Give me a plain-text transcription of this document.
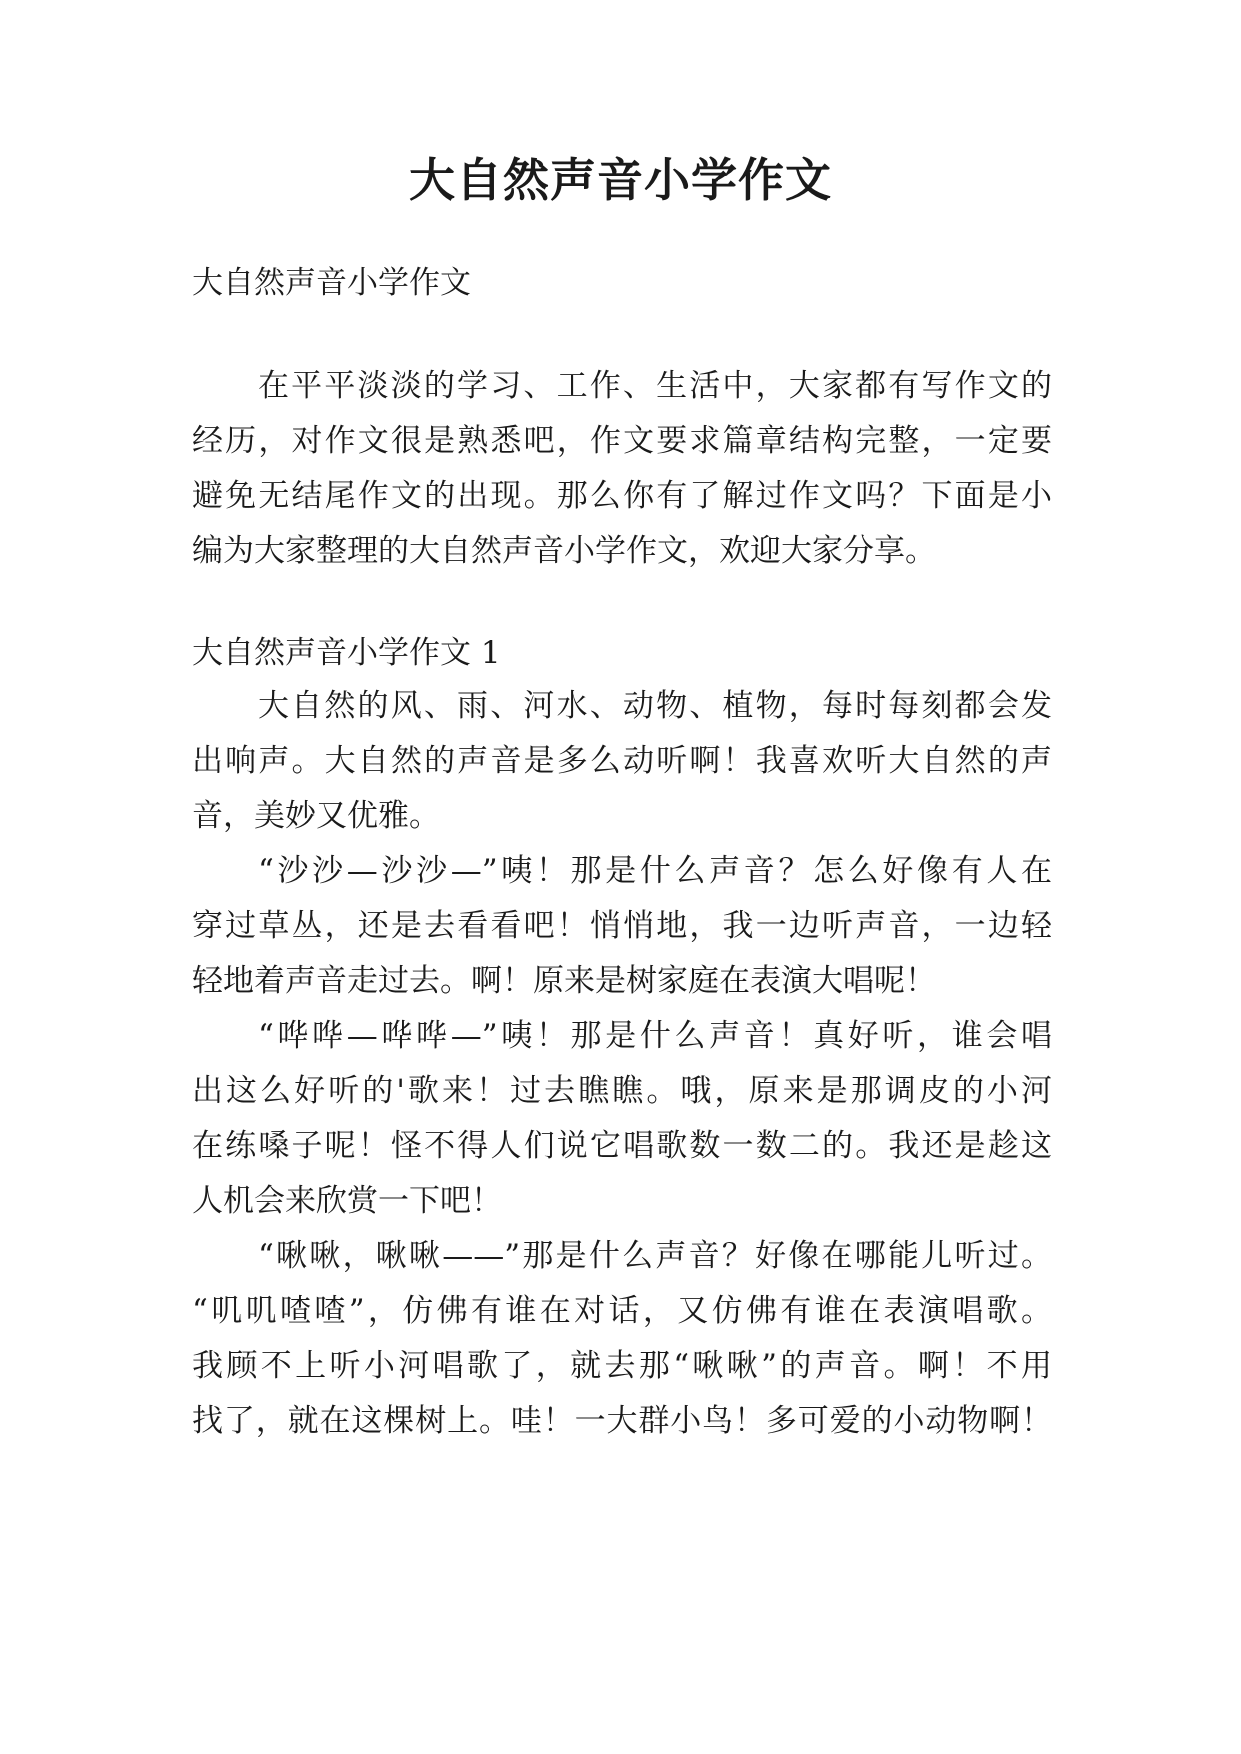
大自然声音小学作文
大自然声音小学作文
在平平淡淡的学习、工作、生活中，大家都有写作文的
经历，对作文很是熟悉吧，作文要求篇章结构完整，一定要
避免无结尾作文的出现。那么你有了解过作文吗？下面是小
编为大家整理的大自然声音小学作文，欢迎大家分享。
大自然声音小学作文 1
大自然的风、雨、河水、动物、植物，每时每刻都会发
出响声。大自然的声音是多么动听啊！我喜欢听大自然的声
音，美妙又优雅。
“沙沙—沙沙—”咦！那是什么声音？怎么好像有人在
穿过草丛，还是去看看吧！悄悄地，我一边听声音，一边轻
轻地着声音走过去。啊！原来是树家庭在表演大唱呢！
“哗哗—哗哗—”咦！那是什么声音！真好听，谁会唱
出这么好听的'歌来！过去瞧瞧。哦，原来是那调皮的小河
在练嗓子呢！怪不得人们说它唱歌数一数二的。我还是趁这
人机会来欣赏一下吧！
“啾啾，啾啾——”那是什么声音？好像在哪能儿听过。
“叽叽喳喳”，仿佛有谁在对话，又仿佛有谁在表演唱歌。
我顾不上听小河唱歌了，就去那“啾啾”的声音。啊！不用
找了，就在这棵树上。哇！一大群小鸟！多可爱的小动物啊！
